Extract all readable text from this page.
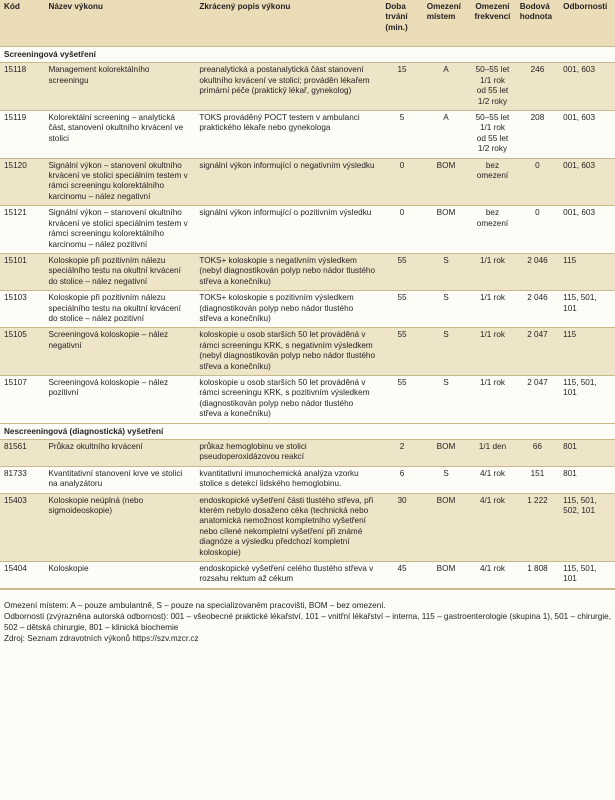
Kód	Název výkonu	Zkrácený popis výkonu	Doba trvání (min.)	Omezení místem	Omezení frekvencí	Bodová hodnota	Odbornosti
Screeningová vyšetření							
15118	Management kolorektálního screeningu	preanalytická a postanalytická část stanovení okultního krvácení ve stolici; prováděn lékařem primární péče (praktický lékař, gynekolog)	15	A	50–55 let
1/1 rok
od 55 let
1/2 roky	246	001, 603
15119	Kolorektální screening – analytická část, stanovení okultního krvácení ve stolici	TOKS prováděný POCT testem v ambulanci praktického lékaře nebo gynekologa	5	A	50–55 let
1/1 rok
od 55 let
1/2 roky	208	001, 603
15120	Signální výkon – stanovení okultního krvácení ve stolici speciálním testem v rámci screeningu kolorektálního karcinomu – nález negativní	signální výkon informující o negativním výsledku	0	BOM	bez
omezení	0	001, 603
15121	Signální výkon – stanovení okultního krvácení ve stolici speciálním testem v rámci screeningu kolorektálního karcinomu – nález pozitivní	signální výkon informující o pozitivním výsledku	0	BOM	bez
omezení	0	001, 603
15101	Koloskopie při pozitivním nálezu speciálního testu na okultní krvácení do stolice – nález negativní	TOKS+ koloskopie s negativním výsledkem (nebyl diagnostikován polyp nebo nádor tlustého střeva a konečníku)	55	S	1/1 rok	2 046	115
15103	Koloskopie při pozitivním nálezu speciálního testu na okultní krvácení do stolice – nález pozitivní	TOKS+ koloskopie s pozitivním výsledkem (diagnostikován polyp nebo nádor tlustého střeva a konečníku)	55	S	1/1 rok	2 046	115, 501,
101
15105	Screeningová koloskopie – nález negativní	koloskopie u osob starších 50 let prováděná v rámci screeningu KRK, s negativním výsledkem (nebyl diagnostikován polyp nebo nádor tlustého střeva a konečníku)	55	S	1/1 rok	2 047	115
15107	Screeningová koloskopie – nález pozitivní	koloskopie u osob starších 50 let prováděná v rámci screeningu KRK, s pozitivním výsledkem (diagnostikován polyp nebo nádor tlustého střeva a konečníku)	55	S	1/1 rok	2 047	115, 501,
101
Nescreeningová (diagnostická) vyšetření							
81561	Průkaz okultního krvácení	průkaz hemoglobinu ve stolici pseudoperoxidázovou reakcí	2	BOM	1/1 den	66	801
81733	Kvantitativní stanovení krve ve stolici na analyzátoru	kvantitativní imunochemická analýza vzorku stolice s detekcí lidského hemoglobinu.	6	S	4/1 rok	151	801
15403	Koloskopie neúplná (nebo sigmoideoskopie)	endoskopické vyšetření části tlustého střeva, při kterém nebylo dosaženo céka (technická nebo anatomická nemožnost kompletního vyšetření nebo cílené nekompletní vyšetření při známé diagnóze a výsledku předchozí kompletní koloskopie)	30	BOM	4/1 rok	1 222	115, 501,
502, 101
15404	Koloskopie	endoskopické vyšetření celého tlustého střeva v rozsahu rektum až cékum	45	BOM	4/1 rok	1 808	115, 501,
101
Omezení místem: A – pouze ambulantně, S – pouze na specializovaném pracovišti, BOM – bez omezení.
Odbornosti (zvýrazněna autorská odbornost): 001 – všeobecné praktické lékařství, 101 – vnitřní lékařství – interna, 115 – gastroenterologie (skupina 1), 501 – chirurgie, 502 – dětská chirurgie, 801 – klinická biochemie
Zdroj: Seznam zdravotních výkonů https://szv.mzcr.cz
